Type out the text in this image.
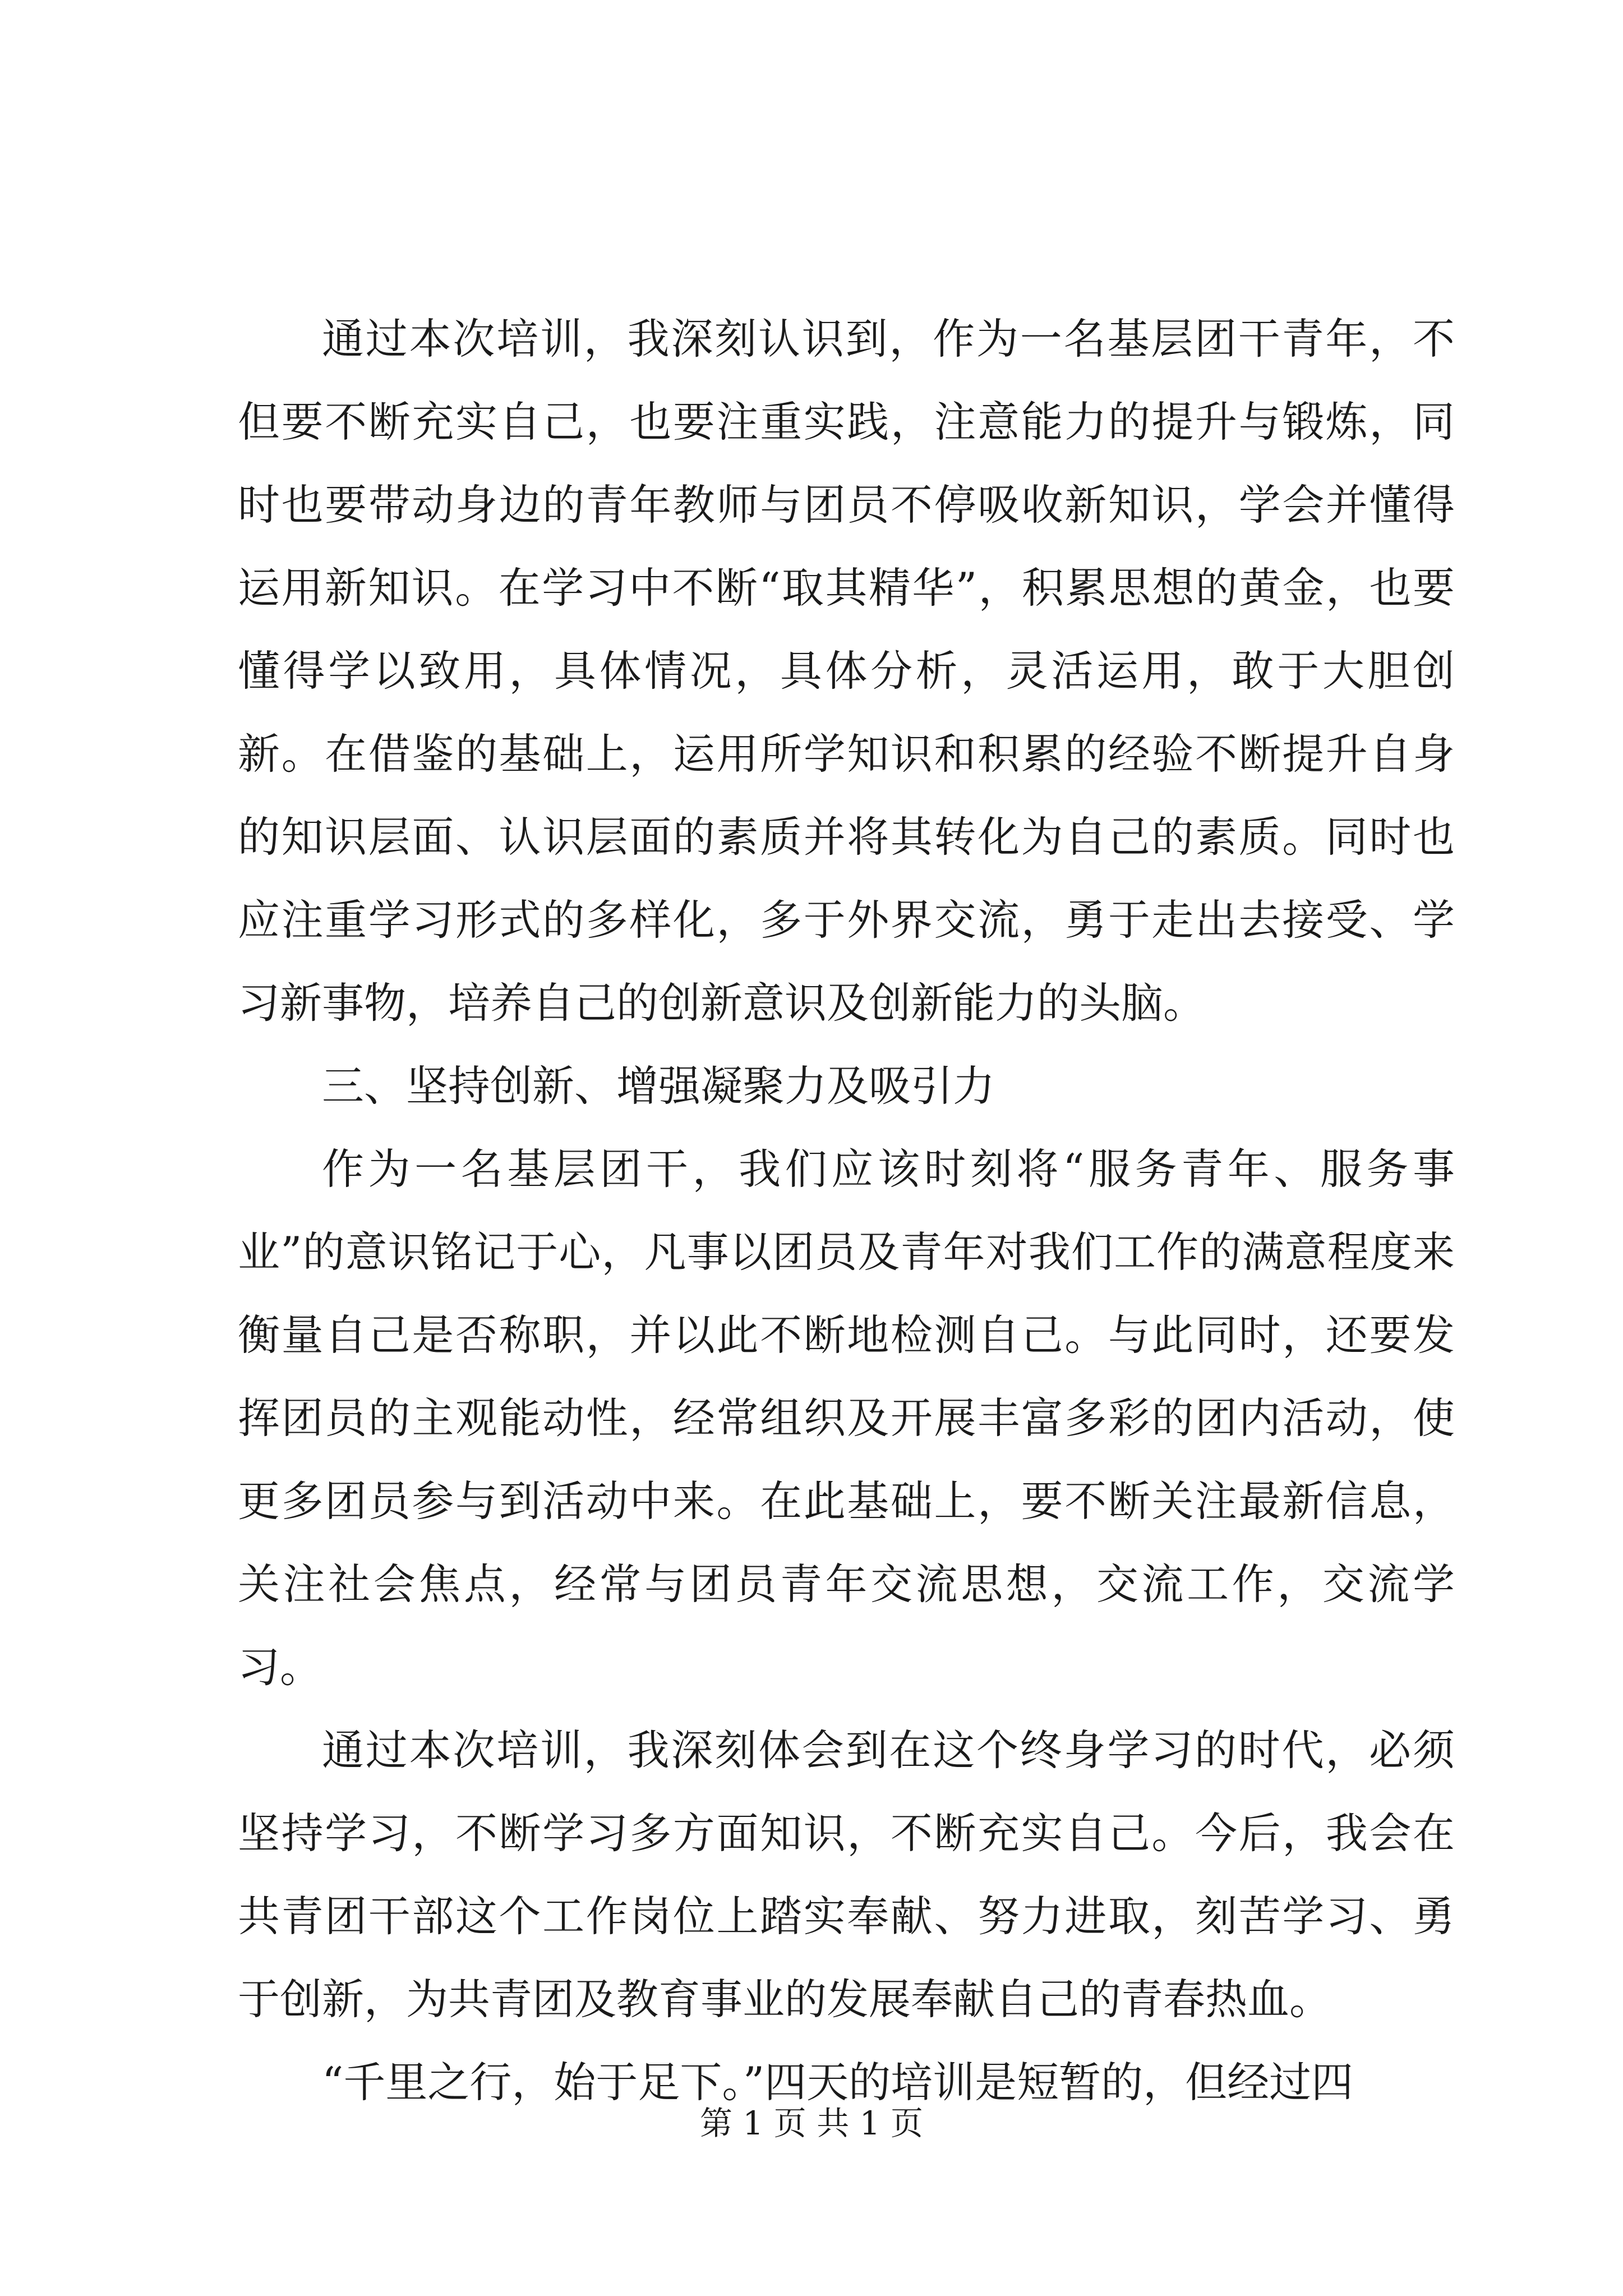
通过本次培训，我深刻认识到，作为一名基层团干青年，不但要不断充实自己，也要注重实践，注意能力的提升与锻炼，同时也要带动身边的青年教师与团员不停吸收新知识，学会并懂得运用新知识。在学习中不断“取其精华”，积累思想的黄金，也要懂得学以致用，具体情况，具体分析，灵活运用，敢于大胆创新。在借鉴的基础上，运用所学知识和积累的经验不断提升自身的知识层面、认识层面的素质并将其转化为自己的素质。同时也应注重学习形式的多样化，多于外界交流，勇于走出去接受、学习新事物，培养自己的创新意识及创新能力的头脑。

三、坚持创新、增强凝聚力及吸引力

作为一名基层团干，我们应该时刻将“服务青年、服务事业”的意识铭记于心，凡事以团员及青年对我们工作的满意程度来衡量自己是否称职，并以此不断地检测自己。与此同时，还要发挥团员的主观能动性，经常组织及开展丰富多彩的团内活动，使更多团员参与到活动中来。在此基础上，要不断关注最新信息，关注社会焦点，经常与团员青年交流思想，交流工作，交流学习。

通过本次培训，我深刻体会到在这个终身学习的时代，必须坚持学习，不断学习多方面知识，不断充实自己。今后，我会在共青团干部这个工作岗位上踏实奉献、努力进取，刻苦学习、勇于创新，为共青团及教育事业的发展奉献自己的青春热血。

“千里之行，始于足下。”四天的培训是短暂的，但经过四

第 1 页 共 1 页
